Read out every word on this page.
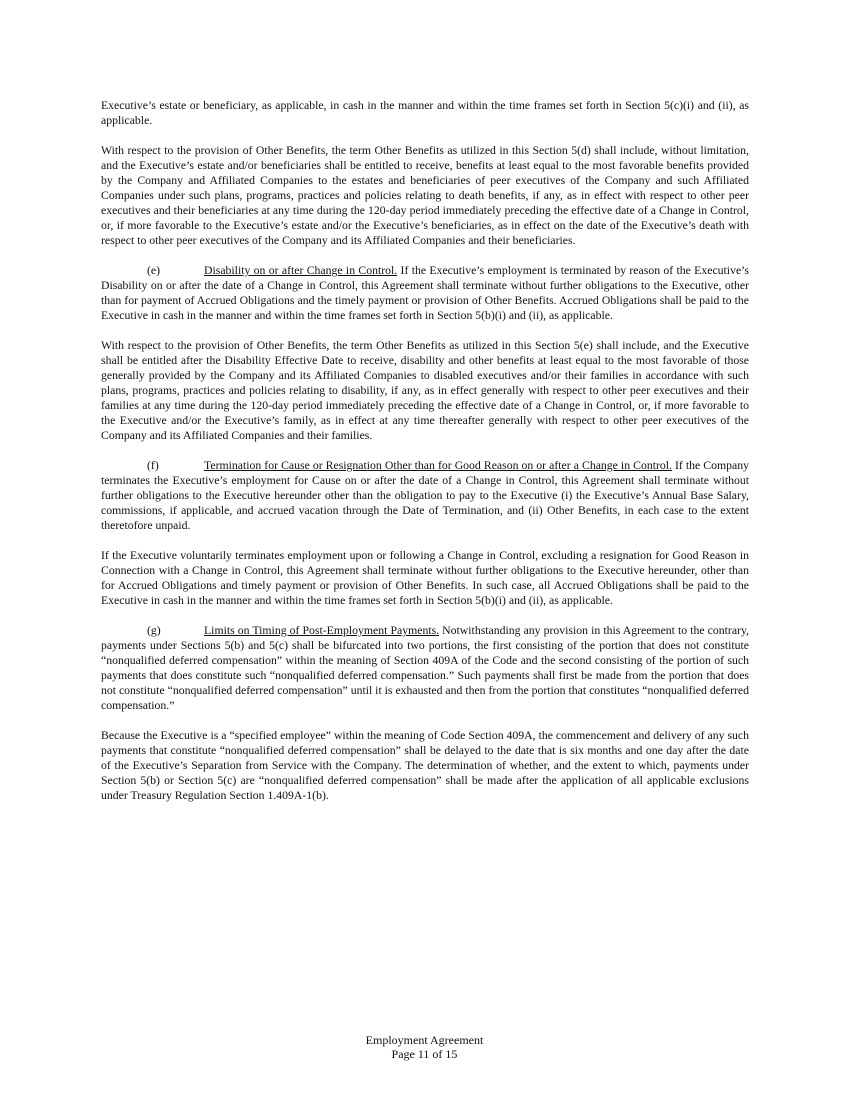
Executive’s estate or beneficiary, as applicable, in cash in the manner and within the time frames set forth in Section 5(c)(i) and (ii), as applicable.

With respect to the provision of Other Benefits, the term Other Benefits as utilized in this Section 5(d) shall include, without limitation, and the Executive’s estate and/or beneficiaries shall be entitled to receive, benefits at least equal to the most favorable benefits provided by the Company and Affiliated Companies to the estates and beneficiaries of peer executives of the Company and such Affiliated Companies under such plans, programs, practices and policies relating to death benefits, if any, as in effect with respect to other peer executives and their beneficiaries at any time during the 120-day period immediately preceding the effective date of a Change in Control, or, if more favorable to the Executive’s estate and/or the Executive’s beneficiaries, as in effect on the date of the Executive’s death with respect to other peer executives of the Company and its Affiliated Companies and their beneficiaries.

(e)	Disability on or after Change in Control. If the Executive’s employment is terminated by reason of the Executive’s Disability on or after the date of a Change in Control, this Agreement shall terminate without further obligations to the Executive, other than for payment of Accrued Obligations and the timely payment or provision of Other Benefits. Accrued Obligations shall be paid to the Executive in cash in the manner and within the time frames set forth in Section 5(b)(i) and (ii), as applicable.

With respect to the provision of Other Benefits, the term Other Benefits as utilized in this Section 5(e) shall include, and the Executive shall be entitled after the Disability Effective Date to receive, disability and other benefits at least equal to the most favorable of those generally provided by the Company and its Affiliated Companies to disabled executives and/or their families in accordance with such plans, programs, practices and policies relating to disability, if any, as in effect generally with respect to other peer executives and their families at any time during the 120-day period immediately preceding the effective date of a Change in Control, or, if more favorable to the Executive and/or the Executive’s family, as in effect at any time thereafter generally with respect to other peer executives of the Company and its Affiliated Companies and their families.

(f)	Termination for Cause or Resignation Other than for Good Reason on or after a Change in Control. If the Company terminates the Executive’s employment for Cause on or after the date of a Change in Control, this Agreement shall terminate without further obligations to the Executive hereunder other than the obligation to pay to the Executive (i) the Executive’s Annual Base Salary, commissions, if applicable, and accrued vacation through the Date of Termination, and (ii) Other Benefits, in each case to the extent theretofore unpaid.

If the Executive voluntarily terminates employment upon or following a Change in Control, excluding a resignation for Good Reason in Connection with a Change in Control, this Agreement shall terminate without further obligations to the Executive hereunder, other than for Accrued Obligations and timely payment or provision of Other Benefits. In such case, all Accrued Obligations shall be paid to the Executive in cash in the manner and within the time frames set forth in Section 5(b)(i) and (ii), as applicable.

(g)	Limits on Timing of Post-Employment Payments. Notwithstanding any provision in this Agreement to the contrary, payments under Sections 5(b) and 5(c) shall be bifurcated into two portions, the first consisting of the portion that does not constitute “nonqualified deferred compensation” within the meaning of Section 409A of the Code and the second consisting of the portion of such payments that does constitute such “nonqualified deferred compensation.” Such payments shall first be made from the portion that does not constitute “nonqualified deferred compensation” until it is exhausted and then from the portion that constitutes “nonqualified deferred compensation.”

Because the Executive is a “specified employee” within the meaning of Code Section 409A, the commencement and delivery of any such payments that constitute “nonqualified deferred compensation” shall be delayed to the date that is six months and one day after the date of the Executive’s Separation from Service with the Company. The determination of whether, and the extent to which, payments under Section 5(b) or Section 5(c) are “nonqualified deferred compensation” shall be made after the application of all applicable exclusions under Treasury Regulation Section 1.409A-1(b).

Employment Agreement
Page 11 of 15
